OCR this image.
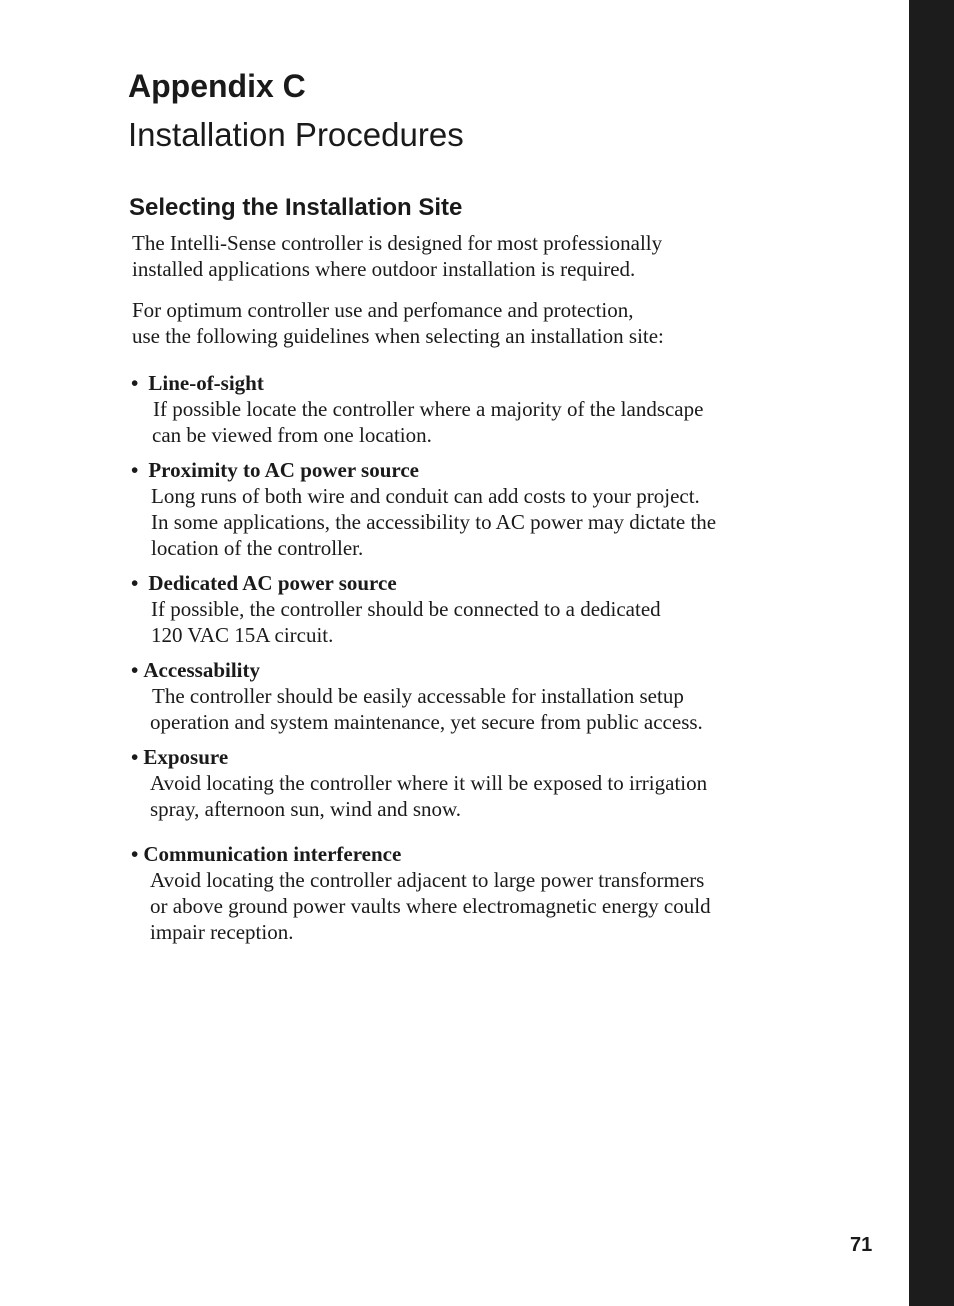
Appendix C
Installation Procedures
Selecting the Installation Site

The Intelli-Sense controller is designed for most professionally
installed applications where outdoor installation is required.

For optimum controller use and perfomance and protection,
use the following guidelines when selecting an installation site:

• Line-of-sight
If possible locate the controller where a majority of the landscape
can be viewed from one location.
• Proximity to AC power source
Long runs of both wire and conduit can add costs to your project.
In some applications, the accessibility to AC power may dictate the
location of the controller.
• Dedicated AC power source
If possible, the controller should be connected to a dedicated
120 VAC 15A circuit.
• Accessability
The controller should be easily accessable for installation setup
operation and system maintenance, yet secure from public access.
• Exposure
Avoid locating the controller where it will be exposed to irrigation
spray, afternoon sun, wind and snow.
• Communication interference
Avoid locating the controller adjacent to large power transformers
or above ground power vaults where electromagnetic energy could
impair reception.
71
